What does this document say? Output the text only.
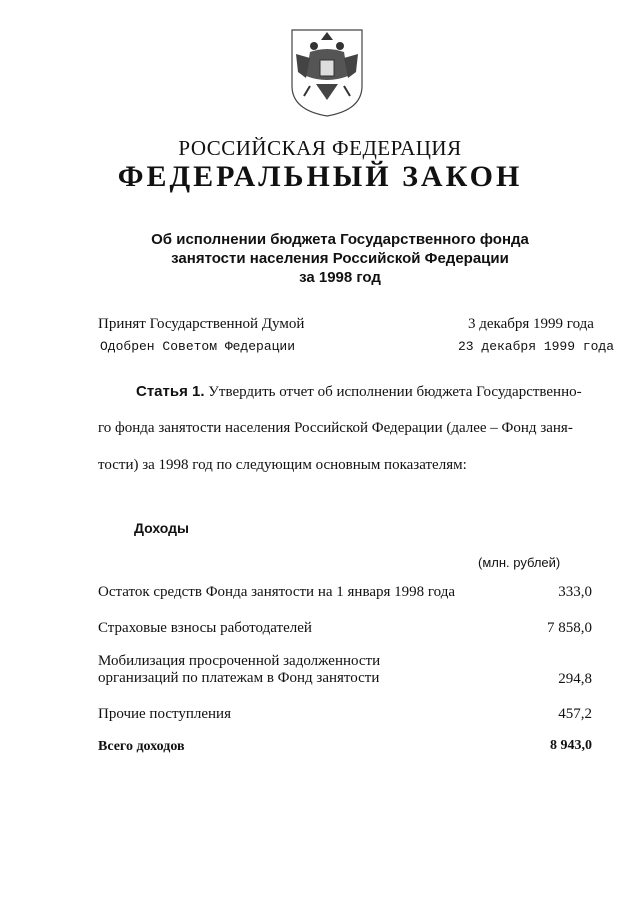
РОССИЙСКАЯ ФЕДЕРАЦИЯ
ФЕДЕРАЛЬНЫЙ ЗАКОН
Об исполнении бюджета Государственного фонда
занятости населения Российской Федерации
за 1998 год
Принят Государственной Думой	3 декабря 1999 года
Одобрен Советом Федерации	23 декабря 1999 года
Статья 1. Утвердить отчет об исполнении бюджета Государственно-
го фонда занятости населения Российской Федерации (далее – Фонд заня-
тости) за 1998 год по следующим основным показателям:
Доходы
(млн. рублей)
Остаток средств Фонда занятости на 1 января 1998 года	333,0
Страховые взносы работодателей	7 858,0
Мобилизация просроченной задолженности организаций по платежам в Фонд занятости	294,8
Прочие поступления	457,2
Всего доходов	8 943,0
